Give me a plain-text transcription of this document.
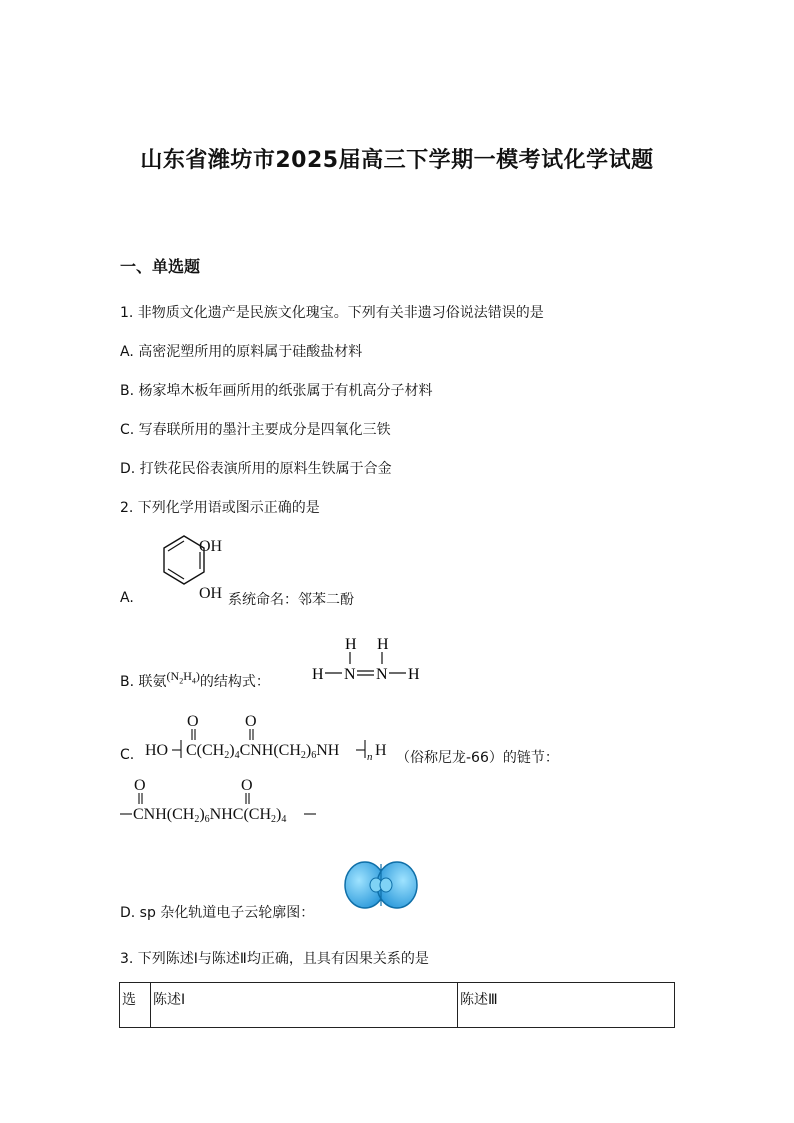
山东省潍坊市2025届高三下学期一模考试化学试题
一、单选题
1. 非物质文化遗产是民族文化瑰宝。下列有关非遗习俗说法错误的是
A. 高密泥塑所用的原料属于硅酸盐材料
B. 杨家埠木板年画所用的纸张属于有机高分子材料
C. 写春联所用的墨汁主要成分是四氧化三铁
D. 打铁花民俗表演所用的原料生铁属于合金
2. 下列化学用语或图示正确的是
A.
OH
OH 系统命名：邻苯二酚
B. 联氨$(N_2H_4)$的结构式：
H H
H N N H
C.
O	O
HO C(CH2)4CNH(CH2)6NH	n H （俗称尼龙-66）的链节：
O	O
CNH(CH2)6NHC(CH2)4
D. sp 杂化轨道电子云轮廓图：
3. 下列陈述Ⅰ与陈述Ⅱ均正确，且具有因果关系的是
选	陈述Ⅰ	陈述Ⅲ
